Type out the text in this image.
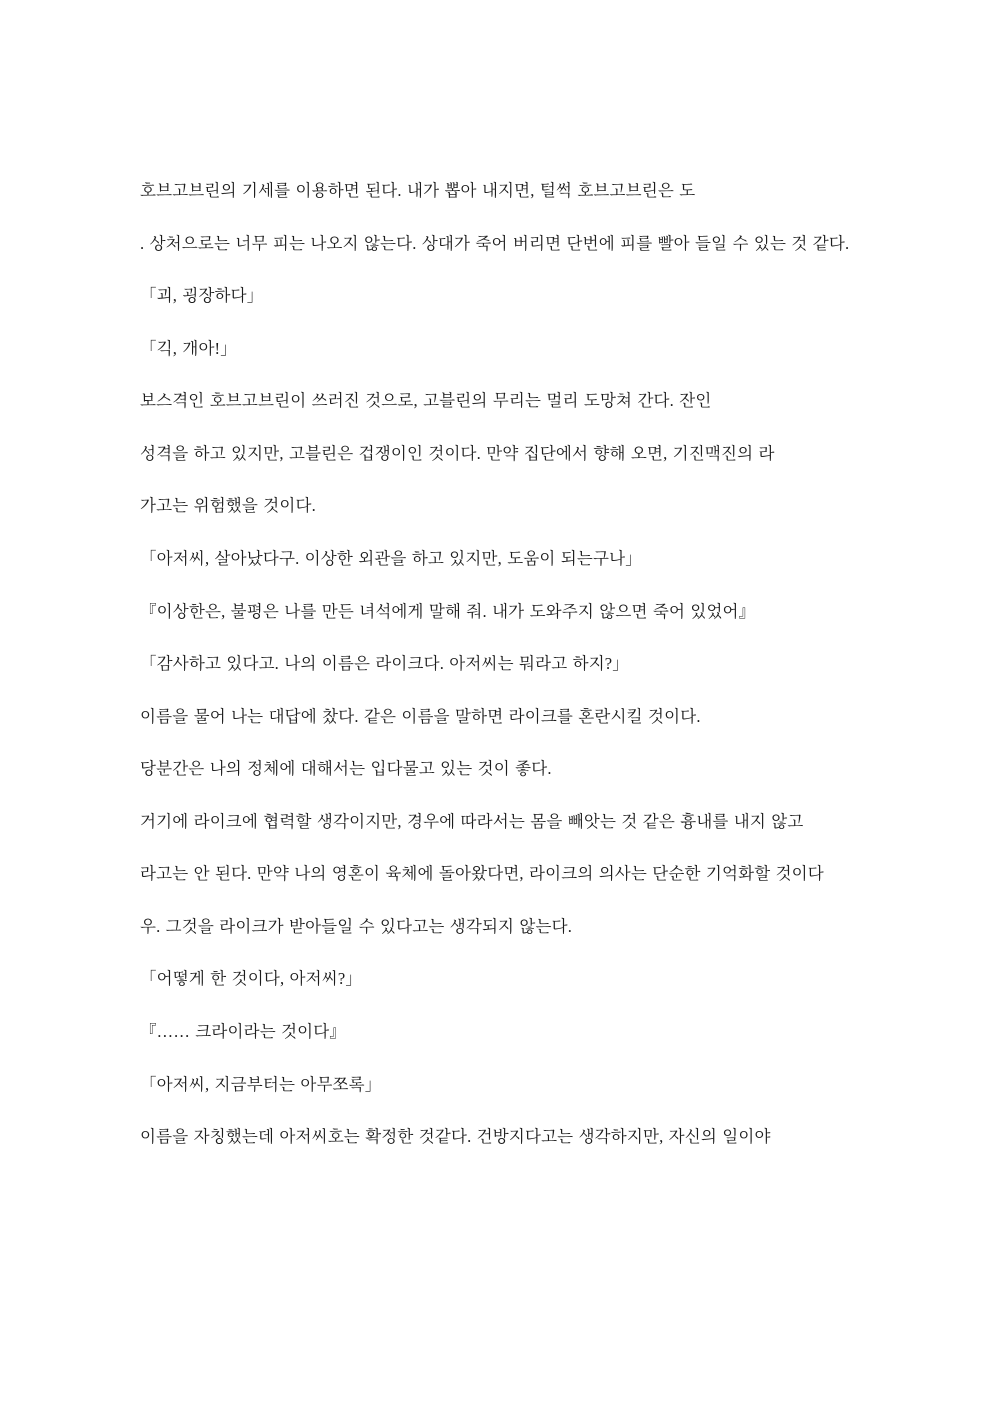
호브고브린의 기세를 이용하면 된다. 내가 뽑아 내지면, 털썩 호브고브린은 도

. 상처으로는 너무 피는 나오지 않는다. 상대가 죽어 버리면 단번에 피를 빨아 들일 수 있는 것 같다.

「괴, 굉장하다」

「긱, 개아!」

보스격인 호브고브린이 쓰러진 것으로, 고블린의 무리는 멀리 도망쳐 간다. 잔인

성격을 하고 있지만, 고블린은 겁쟁이인 것이다. 만약 집단에서 향해 오면, 기진맥진의 라

가고는 위험했을 것이다.

「아저씨, 살아났다구. 이상한 외관을 하고 있지만, 도움이 되는구나」

『이상한은, 불평은 나를 만든 녀석에게 말해 줘. 내가 도와주지 않으면 죽어 있었어』

「감사하고 있다고. 나의 이름은 라이크다. 아저씨는 뭐라고 하지?」

이름을 물어 나는 대답에 찼다. 같은 이름을 말하면 라이크를 혼란시킬 것이다.

당분간은 나의 정체에 대해서는 입다물고 있는 것이 좋다.

거기에 라이크에 협력할 생각이지만, 경우에 따라서는 몸을 빼앗는 것 같은 흉내를 내지 않고

라고는 안 된다. 만약 나의 영혼이 육체에 돌아왔다면, 라이크의 의사는 단순한 기억화할 것이다

우. 그것을 라이크가 받아들일 수 있다고는 생각되지 않는다.

「어떻게 한 것이다, 아저씨?」

『…… 크라이라는 것이다』

「아저씨, 지금부터는 아무쪼록」

이름을 자칭했는데 아저씨호는 확정한 것같다. 건방지다고는 생각하지만, 자신의 일이야
